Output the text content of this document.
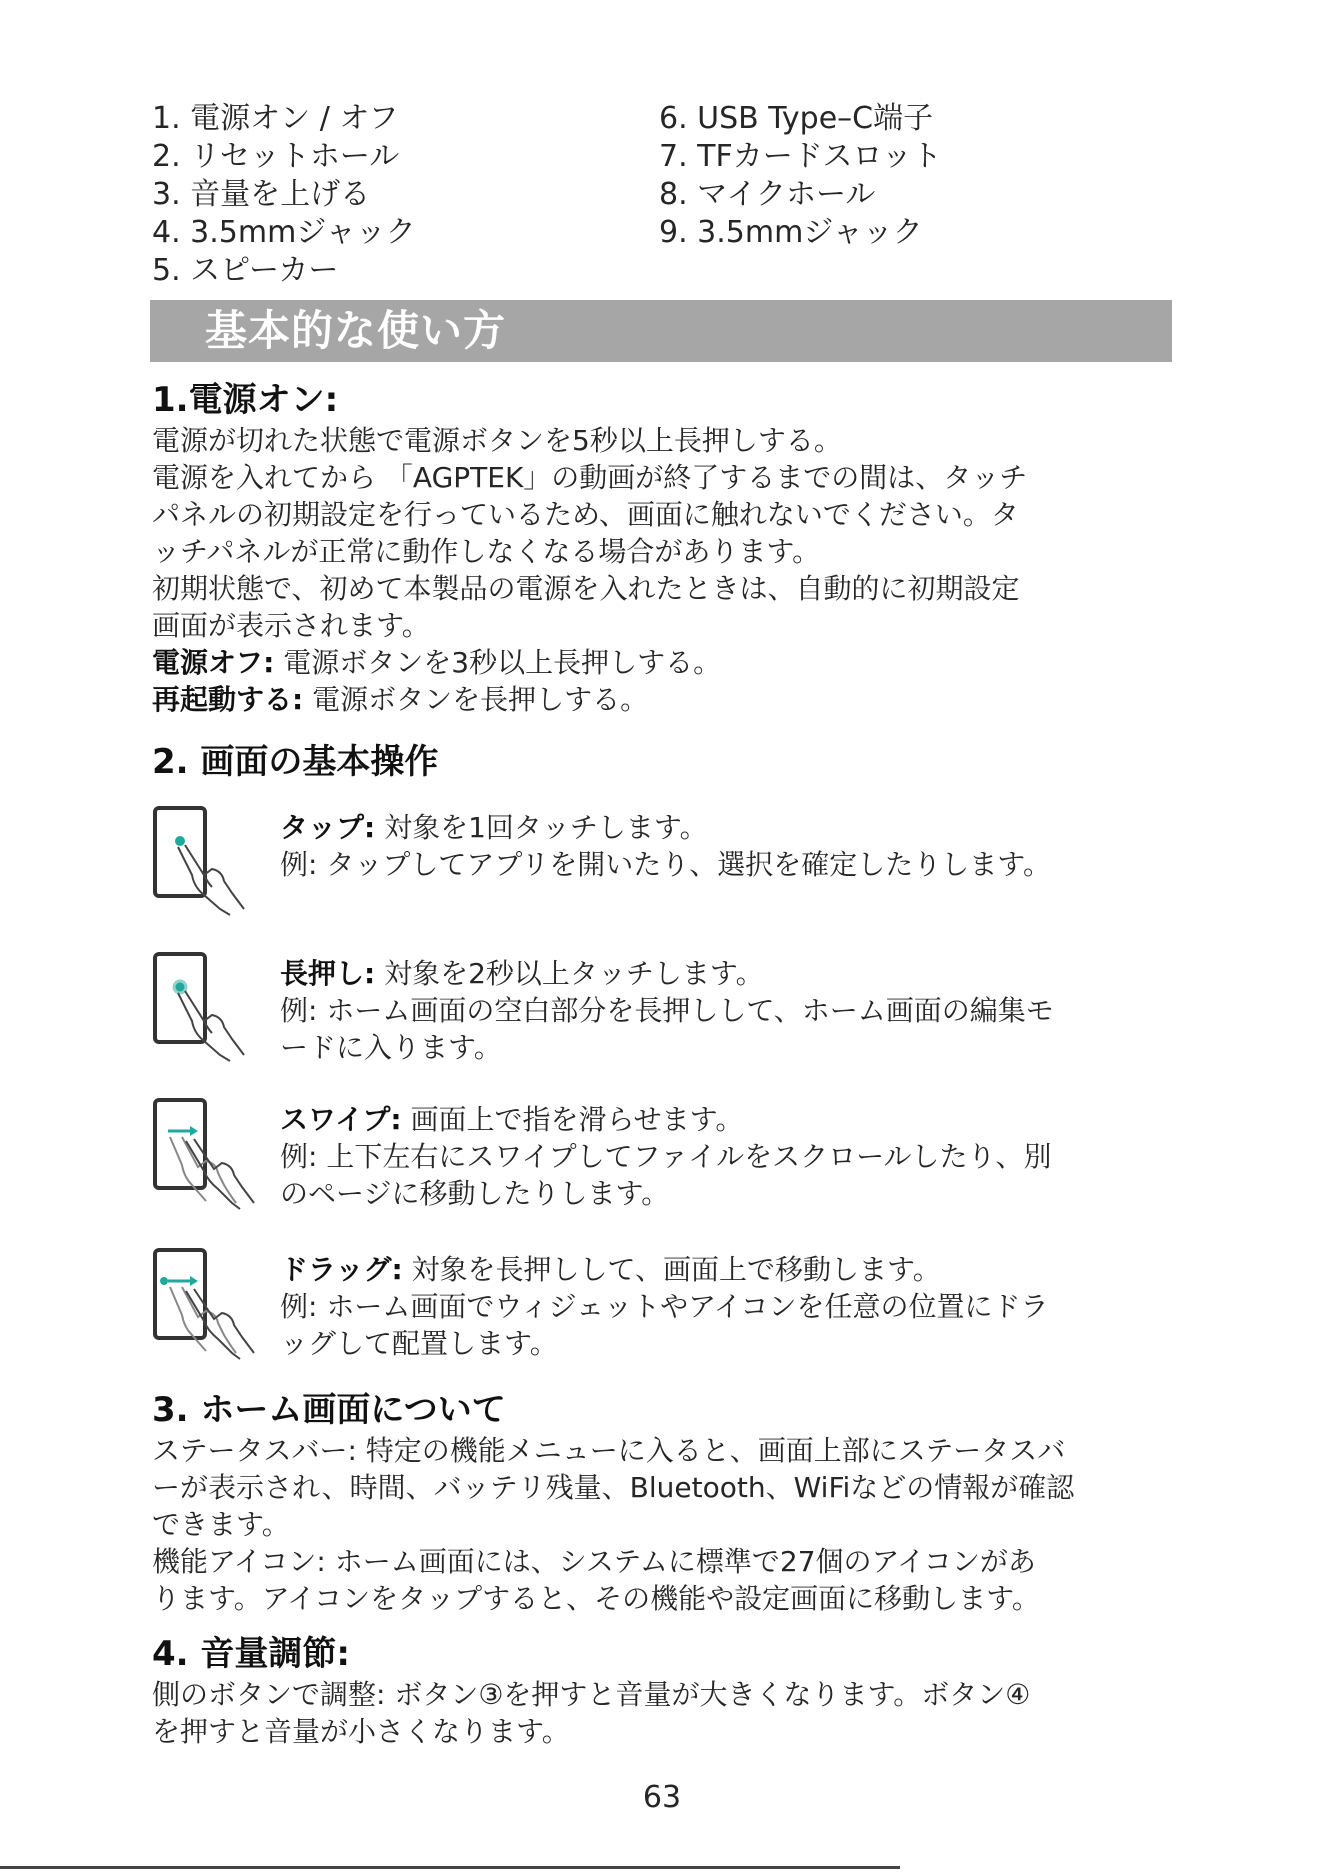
1. 電源オン / オフ
2. リセットホール
3. 音量を上げる
4. 3.5mmジャック
5. スピーカー
6. USB Type–C端子
7. TFカードスロット
8. マイクホール
9. 3.5mmジャック
基本的な使い方
1.電源オン:

電源が切れた状態で電源ボタンを5秒以上長押しする。

電源を入れてから 「AGPTEK」の動画が終了するまでの間は、タッチ

パネルの初期設定を行っているため、画面に触れないでください。タ

ッチパネルが正常に動作しなくなる場合があります。

初期状態で、初めて本製品の電源を入れたときは、自動的に初期設定

画面が表示されます。

電源オフ: 電源ボタンを3秒以上長押しする。

再起動する: 電源ボタンを長押しする。

2. 画面の基本操作
タップ: 対象を1回タッチします。
例: タップしてアプリを開いたり、選択を確定したりします。
長押し: 対象を2秒以上タッチします。
例: ホーム画面の空白部分を長押しして、ホーム画面の編集モ
ードに入ります。
スワイプ: 画面上で指を滑らせます。
例: 上下左右にスワイプしてファイルをスクロールしたり、別
のページに移動したりします。
ドラッグ: 対象を長押しして、画面上で移動します。
例: ホーム画面でウィジェットやアイコンを任意の位置にドラ
ッグして配置します。
3. ホーム画面について

ステータスバー: 特定の機能メニューに入ると、画面上部にステータスバ

ーが表示され、時間、バッテリ残量、Bluetooth、WiFiなどの情報が確認

できます。

機能アイコン: ホーム画面には、システムに標準で27個のアイコンがあ

ります。アイコンをタップすると、その機能や設定画面に移動します。

4. 音量調節:

側のボタンで調整: ボタン③を押すと音量が大きくなります。ボタン④

を押すと音量が小さくなります。

63
